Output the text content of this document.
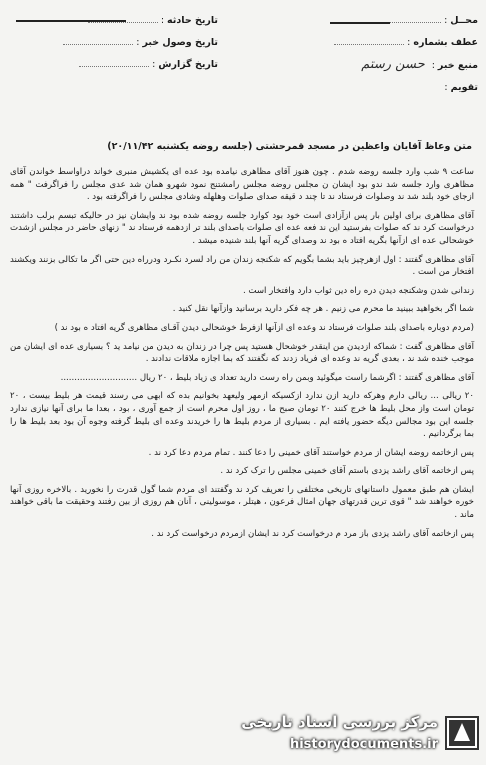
تاریخ حادثه :
تاریخ وصول خبر :
تاریخ گزارش :
محــل :
عطف بشماره :
منبع خبر : حسن رستم
تقویم :
متن وعاظ آقایان واعظین در مسجد قمرحشتی (جلسه روضه یکشنبه ۲۰/۱۱/۴۲)

ساعت ۹ شب وارد جلسه روضه شدم . چون هنوز آقای مظاهری نیامده بود عده ای یکشیش منبری خواند دراواسط خواندن آقای مظاهری وارد جلسه شد ندو بود ایشان ن مجلس روضه مجلس رامشتنج نمود شهرو همان شد عدی مجلس را فراگرفت " همه ازجای خود بلند شد ند وصلوات فرستاد ند تا چند د قیقه صدای صلوات وهلهله وشادی مجلس را فراگرفته بود .

آقای مظاهری برای اولین بار پس ازآزادی است خود بود کوارد جلسه روضه شده بود ند وایشان نیز در حالیکه تبسم برلب داشتند درخواست کرد ند که صلوات بفرستید این ند فعه عده ای صلوات باصدای بلند تر ازدهمه فرستاد ند " زنهای حاضر در مجلس ازشدت خوشحالی عده ای ازآنها بگریه افتاد ه بود ند وصدای گریه آنها بلند شنیده میشد .

آقای مظاهری گفتند : اول ازهرچیز باید بشما بگویم که شکنجه زندان من راد لسرد نکـرد ودرراه دین حتی اگر ما تکالی بزنند ویکشند افتخار من است .

زندانی شدن وشکنجه دیدن دره راه دین ثواب دارد وافتخار است .

شما اگر بخواهید ببینید ما محرم می زنیم . هر چه فکر دارید برسانید وازآنها نقل کنید .

(مردم دوباره باصدای بلند صلوات فرستاد ند وعده ای ازآنها ازفرط خوشحالی دیدن آقـای مظاهری گریه افتاد ه بود ند )

آقای مظاهری گفت : شماکه ازدیدن من اینقدر خوشحال هستید پس چرا در زندان به دیدن من نیامد ید ؟ بسیاری عده ای ایشان من موجب خنده شد ند ، بعدی گریه ند وعده ای فریاد زدند که نگفتند که بما اجازه ملاقات ندادند .

آقای مظاهری گفتند : اگرشما راست میگوئید وبمن راه رست دارید تعداد ی زیاد بلیط ، ۲۰ ریال ............................

۲۰ ریالی ... ریالی دارم وهرکه دارید ازن ندارد ازکسیکه ازمهر ولیعهد بخوانیم بده که ابهی می رسند قیمت هر بلیط بیست ، ۲۰ تومان است واز محل بلیط ها خرج کنند ۲۰ تومان صبح ما ، روز اول محرم است از جمع آوری ، بود ، بعدا ما برای آنها نیازی ندارد جلسه این بود مجالس دیگه حضور یافته ایم . بسیاری از مردم بلیط ها را خریدند وعده ای بلیط گرفته وجوه آن بود بعد بلیط ها را بما برگردانیم .

پس ازخاتمه روضه ایشان از مردم خواستند آقای خمینی را دعا کنند . تمام مردم دعا کرد ند .

پس ازخاتمه آقای راشد یزدی باستم آقای خمینی مجلس را ترک کرد ند .

ایشان هم طبق معمول داستانهای تاریخی مختلفی را تعریف کرد ند وگفتند ای مردم شما گول قدرت را نخورید . بالاخره روزی آنها خوره خواهند شد " قوی ترین قدرتهای جهان امثال فرعون ، هیتلر ، موسولینی ، آنان هم روزی از بین رفتند وحقیقت ما باقی خواهند ماند .

پس ازخاتمه آقای راشد یزدی باز مرد م درخواست کرد ند ایشان ازمردم درخواست کرد ند .

مرکز بررسی اسناد تاریخی
historydocuments.ir
